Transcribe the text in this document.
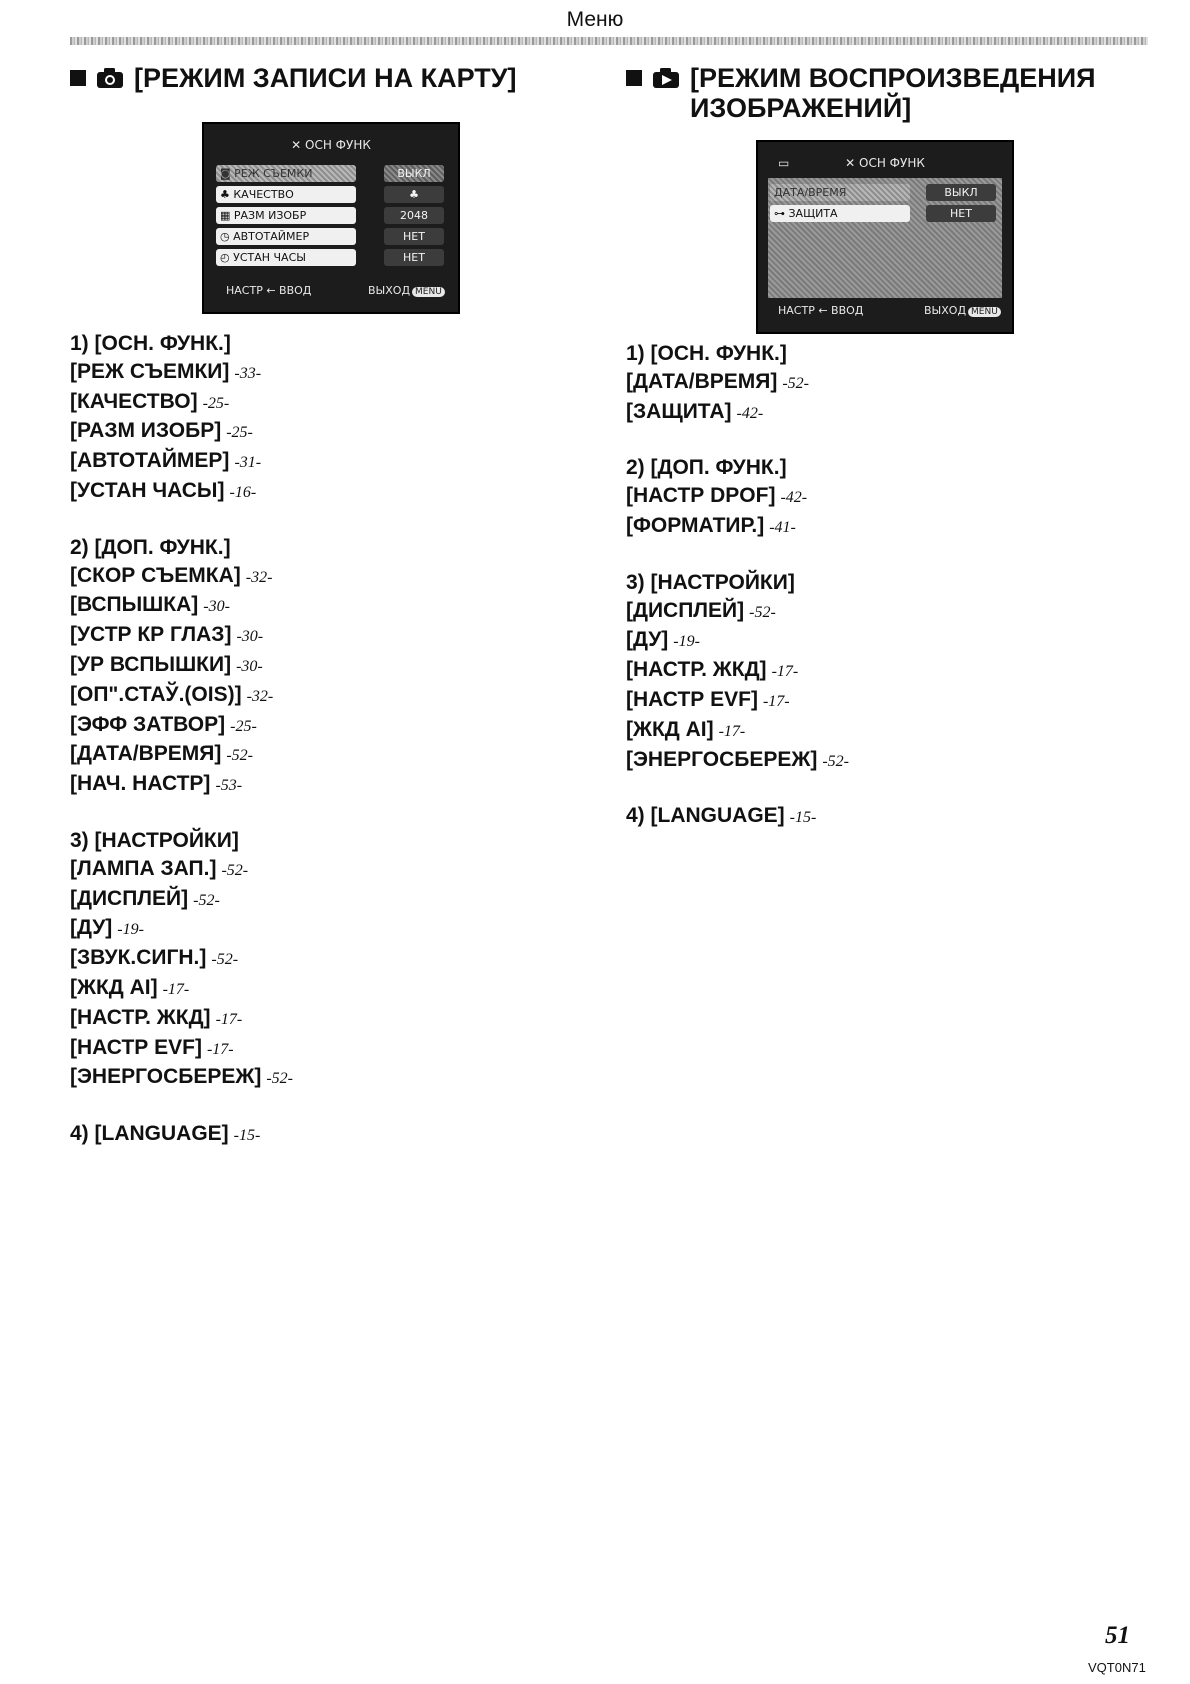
Меню
[РЕЖИМ ЗАПИСИ НА КАРТУ]	[РЕЖИМ ВОСПРОИЗВЕДЕНИЯ
ИЗОБРАЖЕНИЙ]
✕ ОСН ФУНК
◙ РЕЖ СЪЕМКИ	ВЫКЛ
♣ КАЧЕСТВО	♣
▦ РАЗМ ИЗОБР	2048
◷ АВТОТАЙМЕР	НЕТ
◴ УСТАН ЧАСЫ	НЕТ
НАСТР ← ВВОД	ВЫХОД MENU
▭	✕ ОСН ФУНК
ДАТА/ВРЕМЯ	ВЫКЛ
⊶ ЗАЩИТА	НЕТ
НАСТР ← ВВОД	ВЫХОД MENU
1) [ОСН. ФУНК.]
[РЕЖ СЪЕМКИ] -33-
[КАЧЕСТВО] -25-
[РАЗМ ИЗОБР] -25-
[АВТОТАЙМЕР] -31-
[УСТАН ЧАСЫ] -16-
2) [ДОП. ФУНК.]
[СКОР СЪЕМКА] -32-
[ВСПЫШКА] -30-
[УСТР КР ГЛАЗ] -30-
[УР ВСПЫШКИ] -30-
[ОП".СТАЎ.(OIS)] -32-
[ЭФФ ЗАТВОР] -25-
[ДАТА/ВРЕМЯ] -52-
[НАЧ. НАСТР] -53-
3) [НАСТРОЙКИ]
[ЛАМПА ЗАП.] -52-
[ДИСПЛЕЙ] -52-
[ДУ] -19-
[ЗВУК.СИГН.] -52-
[ЖКД AI] -17-
[НАСТР. ЖКД] -17-
[НАСТР EVF] -17-
[ЭНЕРГОСБЕРЕЖ] -52-
4) [LANGUAGE] -15-
1) [ОСН. ФУНК.]
[ДАТА/ВРЕМЯ] -52-
[ЗАЩИТА] -42-
2) [ДОП. ФУНК.]
[НАСТР DPOF] -42-
[ФОРМАТИР.] -41-
3) [НАСТРОЙКИ]
[ДИСПЛЕЙ] -52-
[ДУ] -19-
[НАСТР. ЖКД] -17-
[НАСТР EVF] -17-
[ЖКД AI] -17-
[ЭНЕРГОСБЕРЕЖ] -52-
4) [LANGUAGE] -15-
51
VQT0N71
